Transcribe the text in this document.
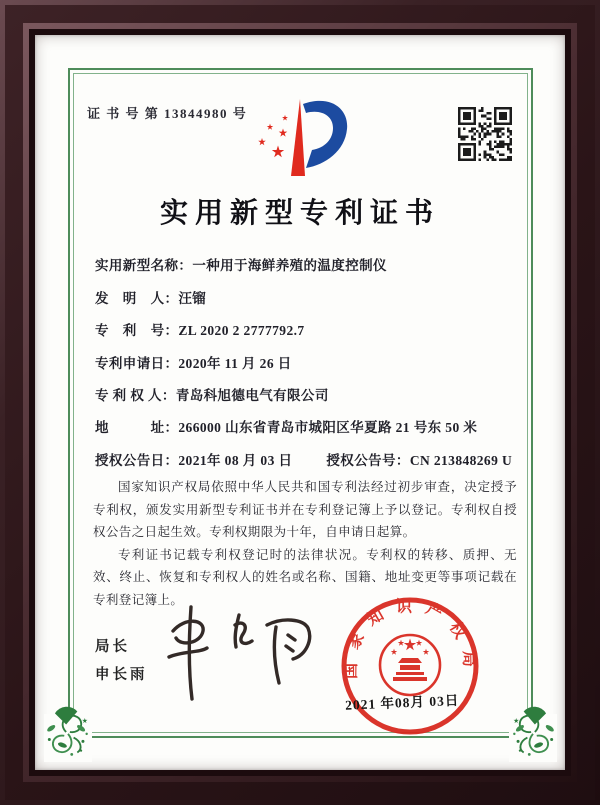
证 书 号 第 13844980 号
实用新型专利证书
实用新型名称：一种用于海鲜养殖的温度控制仪
发　明　人：汪镏
专　利　号：ZL 2020 2 2777792.7
专利申请日：2020年 11 月 26 日
专 利 权 人：青岛科旭德电气有限公司
地　　　址：266000 山东省青岛市城阳区华夏路 21 号东 50 米
授权公告日：2021年 08 月 03 日	授权公告号：CN 213848269 U

国家知识产权局依照中华人民共和国专利法经过初步审查，决定授予专利权，颁发实用新型专利证书并在专利登记簿上予以登记。专利权自授权公告之日起生效。专利权期限为十年，自申请日起算。

专利证书记载专利权登记时的法律状况。专利权的转移、质押、无效、终止、恢复和专利权人的姓名或名称、国籍、地址变更等事项记载在专利登记簿上。

局长
申长雨	国家知识产权局
2021 年08月 03日
